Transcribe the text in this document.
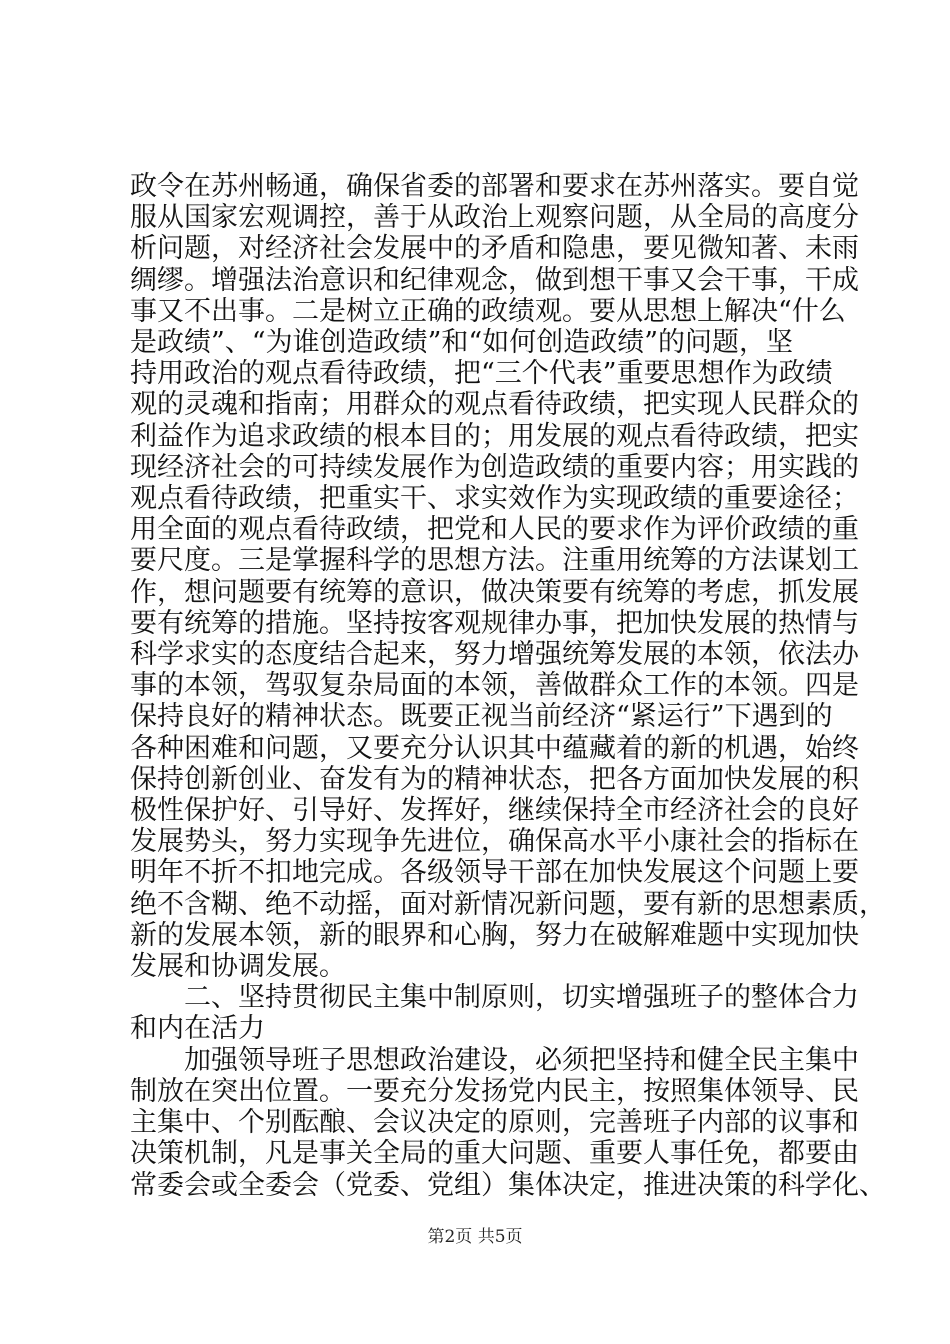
政令在苏州畅通，确保省委的部署和要求在苏州落实。要自觉
服从国家宏观调控，善于从政治上观察问题，从全局的高度分
析问题，对经济社会发展中的矛盾和隐患，要见微知著、未雨
绸缪。增强法治意识和纪律观念，做到想干事又会干事，干成
事又不出事。二是树立正确的政绩观。要从思想上解决“什么
是政绩”、“为谁创造政绩”和“如何创造政绩”的问题，坚
持用政治的观点看待政绩，把“三个代表”重要思想作为政绩
观的灵魂和指南；用群众的观点看待政绩，把实现人民群众的
利益作为追求政绩的根本目的；用发展的观点看待政绩，把实
现经济社会的可持续发展作为创造政绩的重要内容；用实践的
观点看待政绩，把重实干、求实效作为实现政绩的重要途径；
用全面的观点看待政绩，把党和人民的要求作为评价政绩的重
要尺度。三是掌握科学的思想方法。注重用统筹的方法谋划工
作，想问题要有统筹的意识，做决策要有统筹的考虑，抓发展
要有统筹的措施。坚持按客观规律办事，把加快发展的热情与
科学求实的态度结合起来，努力增强统筹发展的本领，依法办
事的本领，驾驭复杂局面的本领，善做群众工作的本领。四是
保持良好的精神状态。既要正视当前经济“紧运行”下遇到的
各种困难和问题，又要充分认识其中蕴藏着的新的机遇，始终
保持创新创业、奋发有为的精神状态，把各方面加快发展的积
极性保护好、引导好、发挥好，继续保持全市经济社会的良好
发展势头，努力实现争先进位，确保高水平小康社会的指标在
明年不折不扣地完成。各级领导干部在加快发展这个问题上要
绝不含糊、绝不动摇，面对新情况新问题，要有新的思想素质，
新的发展本领，新的眼界和心胸，努力在破解难题中实现加快
发展和协调发展。
二、坚持贯彻民主集中制原则，切实增强班子的整体合力
和内在活力
加强领导班子思想政治建设，必须把坚持和健全民主集中
制放在突出位置。一要充分发扬党内民主，按照集体领导、民
主集中、个别酝酿、会议决定的原则，完善班子内部的议事和
决策机制，凡是事关全局的重大问题、重要人事任免，都要由
常委会或全委会（党委、党组）集体决定，推进决策的科学化、
第2页 共5页
